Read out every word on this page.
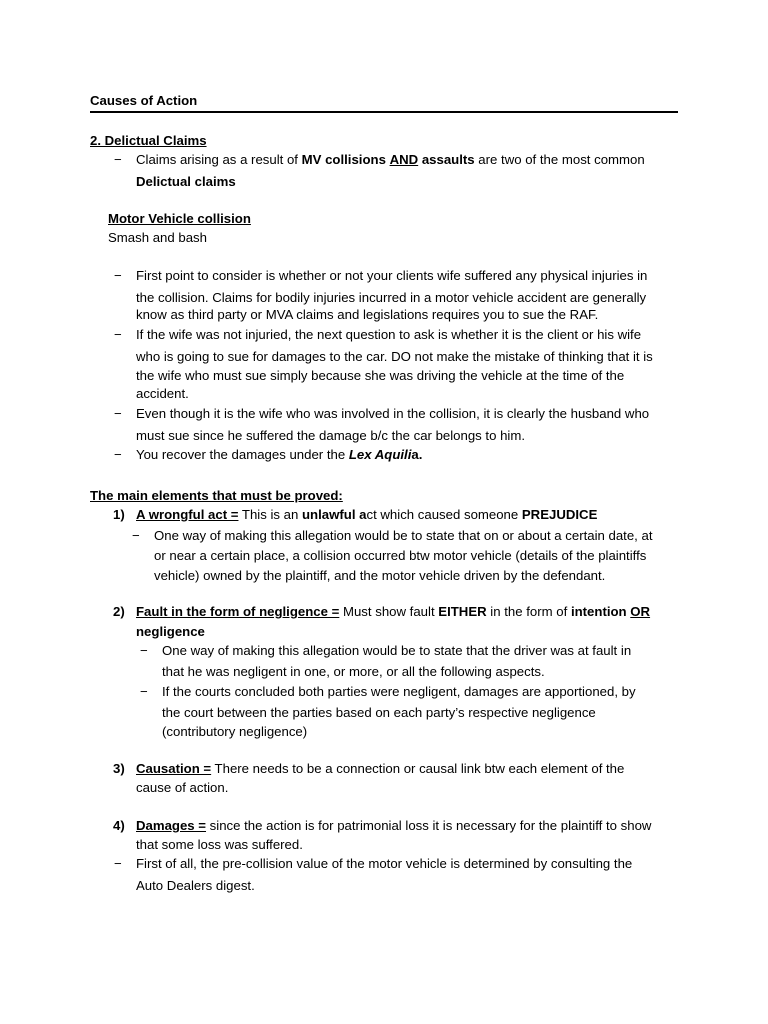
Causes of Action
2. Delictual Claims
− Claims arising as a result of MV collisions AND assaults are two of the most common
Delictual claims
Motor Vehicle collision
Smash and bash
− First point to consider is whether or not your clients wife suffered any physical injuries in
the collision. Claims for bodily injuries incurred in a motor vehicle accident are generally
know as third party or MVA claims and legislations requires you to sue the RAF.
− If the wife was not injuried, the next question to ask is whether it is the client or his wife
who is going to sue for damages to the car. DO not make the mistake of thinking that it is
the wife who must sue simply because she was driving the vehicle at the time of the
accident.
− Even though it is the wife who was involved in the collision, it is clearly the husband who
must sue since he suffered the damage b/c the car belongs to him.
− You recover the damages under the Lex Aquilia.
The main elements that must be proved:
1) A wrongful act = This is an unlawful act which caused someone PREJUDICE
− One way of making this allegation would be to state that on or about a certain date, at
or near a certain place, a collision occurred btw motor vehicle (details of the plaintiffs
vehicle) owned by the plaintiff, and the motor vehicle driven by the defendant.
2) Fault in the form of negligence = Must show fault EITHER in the form of intention OR
negligence
− One way of making this allegation would be to state that the driver was at fault in
that he was negligent in one, or more, or all the following aspects.
− If the courts concluded both parties were negligent, damages are apportioned, by
the court between the parties based on each party’s respective negligence
(contributory negligence)
3) Causation = There needs to be a connection or causal link btw each element of the
cause of action.
4) Damages = since the action is for patrimonial loss it is necessary for the plaintiff to show
that some loss was suffered.
− First of all, the pre-collision value of the motor vehicle is determined by consulting the
Auto Dealers digest.
